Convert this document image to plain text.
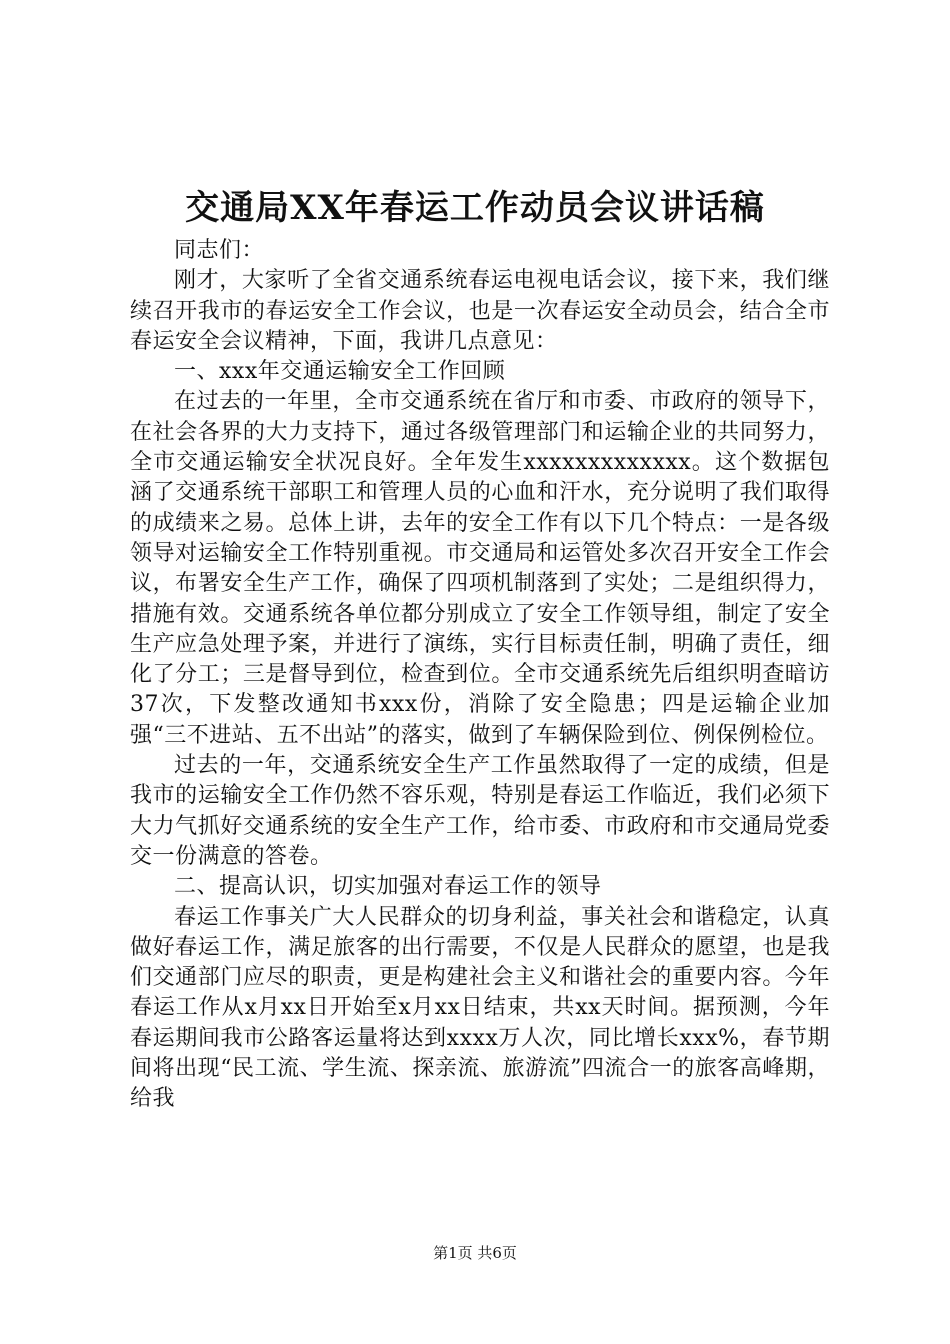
交通局XX年春运工作动员会议讲话稿

同志们：

刚才，大家听了全省交通系统春运电视电话会议，接下来，我们继续召开我市的春运安全工作会议，也是一次春运安全动员会，结合全市春运安全会议精神，下面，我讲几点意见：

一、xxx年交通运输安全工作回顾

在过去的一年里，全市交通系统在省厅和市委、市政府的领导下，在社会各界的大力支持下，通过各级管理部门和运输企业的共同努力，全市交通运输安全状况良好。全年发生xxxxxxxxxxxxx。这个数据包涵了交通系统干部职工和管理人员的心血和汗水，充分说明了我们取得的成绩来之易。总体上讲，去年的安全工作有以下几个特点：一是各级领导对运输安全工作特别重视。市交通局和运管处多次召开安全工作会议，布署安全生产工作，确保了四项机制落到了实处；二是组织得力，措施有效。交通系统各单位都分别成立了安全工作领导组，制定了安全生产应急处理予案，并进行了演练，实行目标责任制，明确了责任，细化了分工；三是督导到位，检查到位。全市交通系统先后组织明查暗访37次，下发整改通知书xxx份，消除了安全隐患；四是运输企业加强“三不进站、五不出站”的落实，做到了车辆保险到位、例保例检位。

过去的一年，交通系统安全生产工作虽然取得了一定的成绩，但是我市的运输安全工作仍然不容乐观，特别是春运工作临近，我们必须下大力气抓好交通系统的安全生产工作，给市委、市政府和市交通局党委交一份满意的答卷。

二、提高认识，切实加强对春运工作的领导

春运工作事关广大人民群众的切身利益，事关社会和谐稳定，认真做好春运工作，满足旅客的出行需要，不仅是人民群众的愿望，也是我们交通部门应尽的职责，更是构建社会主义和谐社会的重要内容。今年春运工作从x月xx日开始至x月xx日结束，共xx天时间。据预测，今年春运期间我市公路客运量将达到xxxx万人次，同比增长xxx%，春节期间将出现“民工流、学生流、探亲流、旅游流”四流合一的旅客高峰期，给我

第1页 共6页
